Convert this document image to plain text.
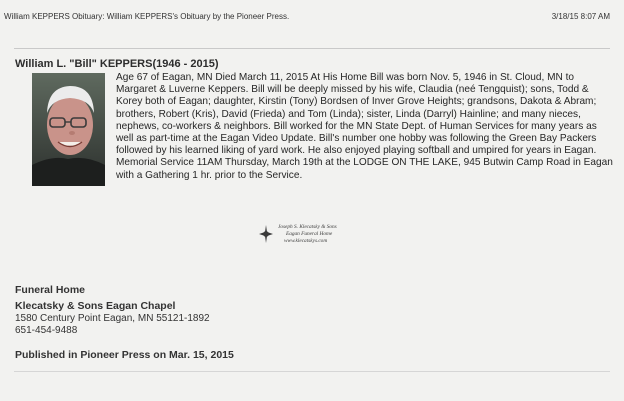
William KEPPERS Obituary: William KEPPERS's Obituary by the Pioneer Press.	3/18/15 8:07 AM
William L. "Bill" KEPPERS(1946 - 2015)
Age 67 of Eagan, MN Died March 11, 2015 At His Home Bill was born Nov. 5, 1946 in St. Cloud, MN to Margaret & Luverne Keppers. Bill will be deeply missed by his wife, Claudia (neé Tengquist); sons, Todd & Korey both of Eagan; daughter, Kirstin (Tony) Bordsen of Inver Grove Heights; grandsons, Dakota & Abram; brothers, Robert (Kris), David (Frieda) and Tom (Linda); sister, Linda (Darryl) Hainline; and many nieces, nephews, co-workers & neighbors. Bill worked for the MN State Dept. of Human Services for many years as well as part-time at the Eagan Video Update. Bill's number one hobby was following the Green Bay Packers followed by his learned liking of yard work. He also enjoyed playing softball and umpired for years in Eagan. Memorial Service 11AM Thursday, March 19th at the LODGE ON THE LAKE, 945 Butwin Camp Road in Eagan with a Gathering 1 hr. prior to the Service.
Joseph S. Klecatsky & Sons
Eagan Funeral Home
www.klecatskys.com
Funeral Home
Klecatsky & Sons Eagan Chapel
1580 Century Point Eagan, MN 55121-1892
651-454-9488
Published in Pioneer Press on Mar. 15, 2015
